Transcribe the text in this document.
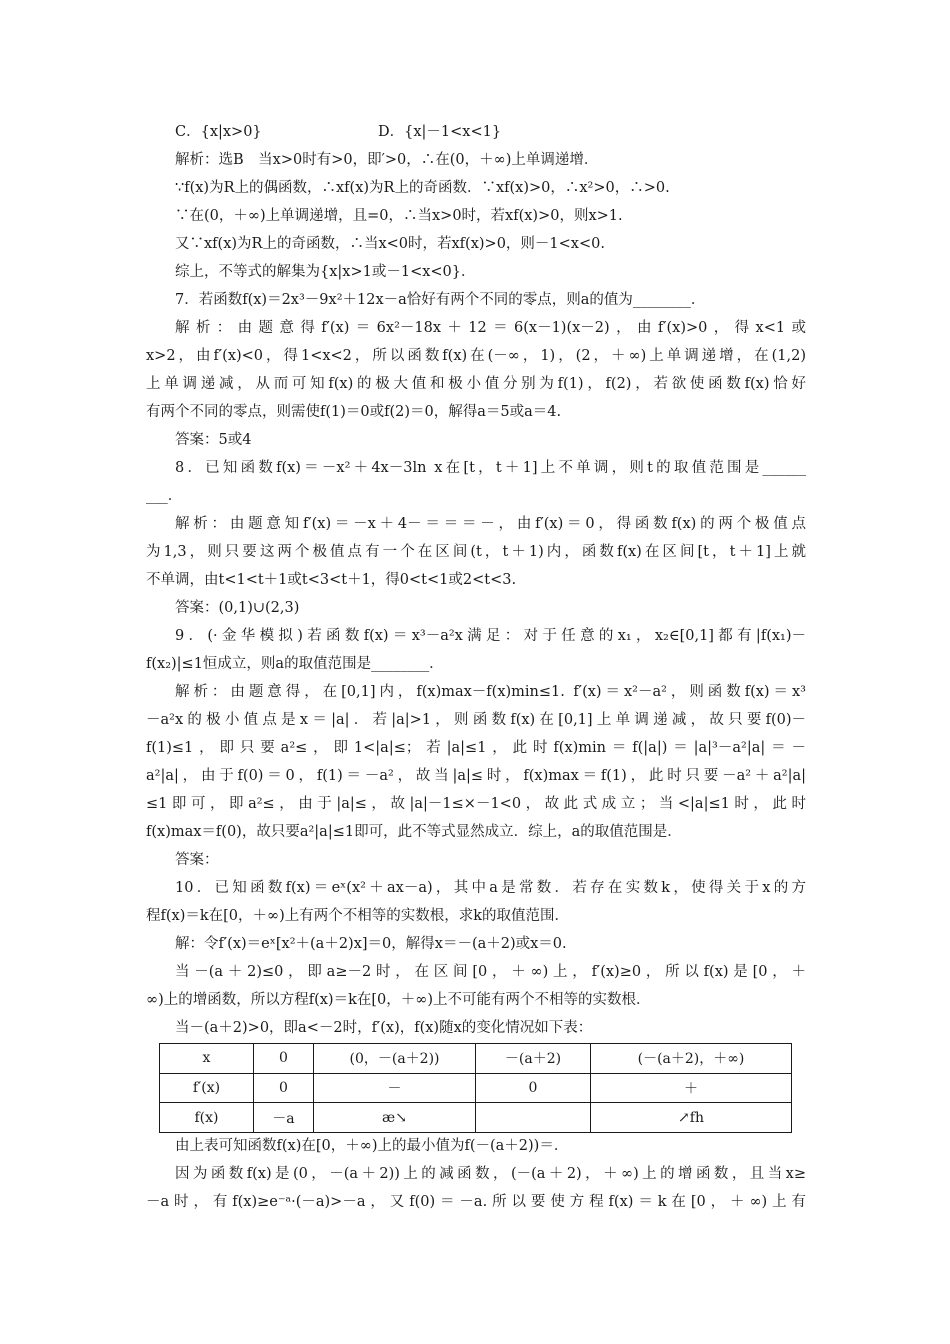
C．{x|x>0}	D．{x|－1<x<1}
解析：选B　当x>0时有>0，即′>0，∴在(0，＋∞)上单调递增．
∵f(x)为R上的偶函数，∴xf(x)为R上的奇函数．∵xf(x)>0，∴x²>0，∴>0.
∵在(0，＋∞)上单调递增，且=0，∴当x>0时，若xf(x)>0，则x>1.
又∵xf(x)为R上的奇函数，∴当x<0时，若xf(x)>0，则－1<x<0.
综上，不等式的解集为{x|x>1或－1<x<0}．
7．若函数f(x)＝2x³－9x²＋12x－a恰好有两个不同的零点，则a的值为________．
解析：由题意得f′(x)＝6x²－18x＋12＝6(x－1)(x－2)，由f′(x)>0，得x<1或
x>2，由f′(x)<0，得1<x<2，所以函数f(x)在(－∞，1)，(2，＋∞)上单调递增，在(1,2)
上单调递减，从而可知f(x)的极大值和极小值分别为f(1)，f(2)，若欲使函数f(x)恰好
有两个不同的零点，则需使f(1)＝0或f(2)＝0，解得a＝5或a＝4.
答案：5或4
8．已知函数f(x)＝－x²＋4x－3ln x在[t，t＋1]上不单调，则t的取值范围是______
___．
解析：由题意知f′(x)＝－x＋4－＝＝＝－，由f′(x)＝0，得函数f(x)的两个极值点
为1,3，则只要这两个极值点有一个在区间(t，t＋1)内，函数f(x)在区间[t，t＋1]上就
不单调，由t<1<t＋1或t<3<t＋1，得0<t<1或2<t<3.
答案：(0,1)∪(2,3)
9．(·金华模拟)若函数f(x)＝x³－a²x满足：对于任意的x₁，x₂∈[0,1]都有|f(x₁)－
f(x₂)|≤1恒成立，则a的取值范围是________．
解析：由题意得，在[0,1]内，f(x)max－f(x)min≤1. f′(x)＝x²－a²，则函数f(x)＝x³
－a²x的极小值点是x＝|a|．若|a|>1，则函数f(x)在[0,1]上单调递减，故只要f(0)－
f(1)≤1，即只要a²≤，即1<|a|≤；若|a|≤1，此时f(x)min＝f(|a|)＝|a|³－a²|a|＝－
a²|a|，由于f(0)＝0，f(1)＝－a²，故当|a|≤时，f(x)max＝f(1)，此时只要－a²＋a²|a|
≤1即可，即a²≤，由于|a|≤，故|a|－1≤×－1<0，故此式成立；当<|a|≤1时，此时
f(x)max＝f(0)，故只要a²|a|≤1即可，此不等式显然成立．综上，a的取值范围是．
答案：
10．已知函数f(x)＝eˣ(x²＋ax－a)，其中a是常数．若存在实数k，使得关于x的方
程f(x)＝k在[0，＋∞)上有两个不相等的实数根，求k的取值范围．
解：令f′(x)＝eˣ[x²＋(a＋2)x]＝0，解得x＝－(a＋2)或x＝0.
当－(a＋2)≤0，即a≥－2时，在区间[0，＋∞)上，f′(x)≥0，所以f(x)是[0，＋
∞)上的增函数，所以方程f(x)＝k在[0，＋∞)上不可能有两个不相等的实数根．
当－(a＋2)>0，即a<－2时，f′(x)，f(x)随x的变化情况如下表：
x	0	(0，－(a＋2))	－(a＋2)	(－(a＋2)，＋∞)
f′(x)	0	－	0	＋
f(x)	－a	æ↘		↗fh
由上表可知函数f(x)在[0，＋∞)上的最小值为f(－(a＋2))＝．
因为函数f(x)是(0，－(a＋2))上的减函数，(－(a＋2)，＋∞)上的增函数，且当x≥
－a时，有f(x)≥e⁻ᵃ·(－a)>－a，又f(0)＝－a.所以要使方程f(x)＝k在[0，＋∞)上有
